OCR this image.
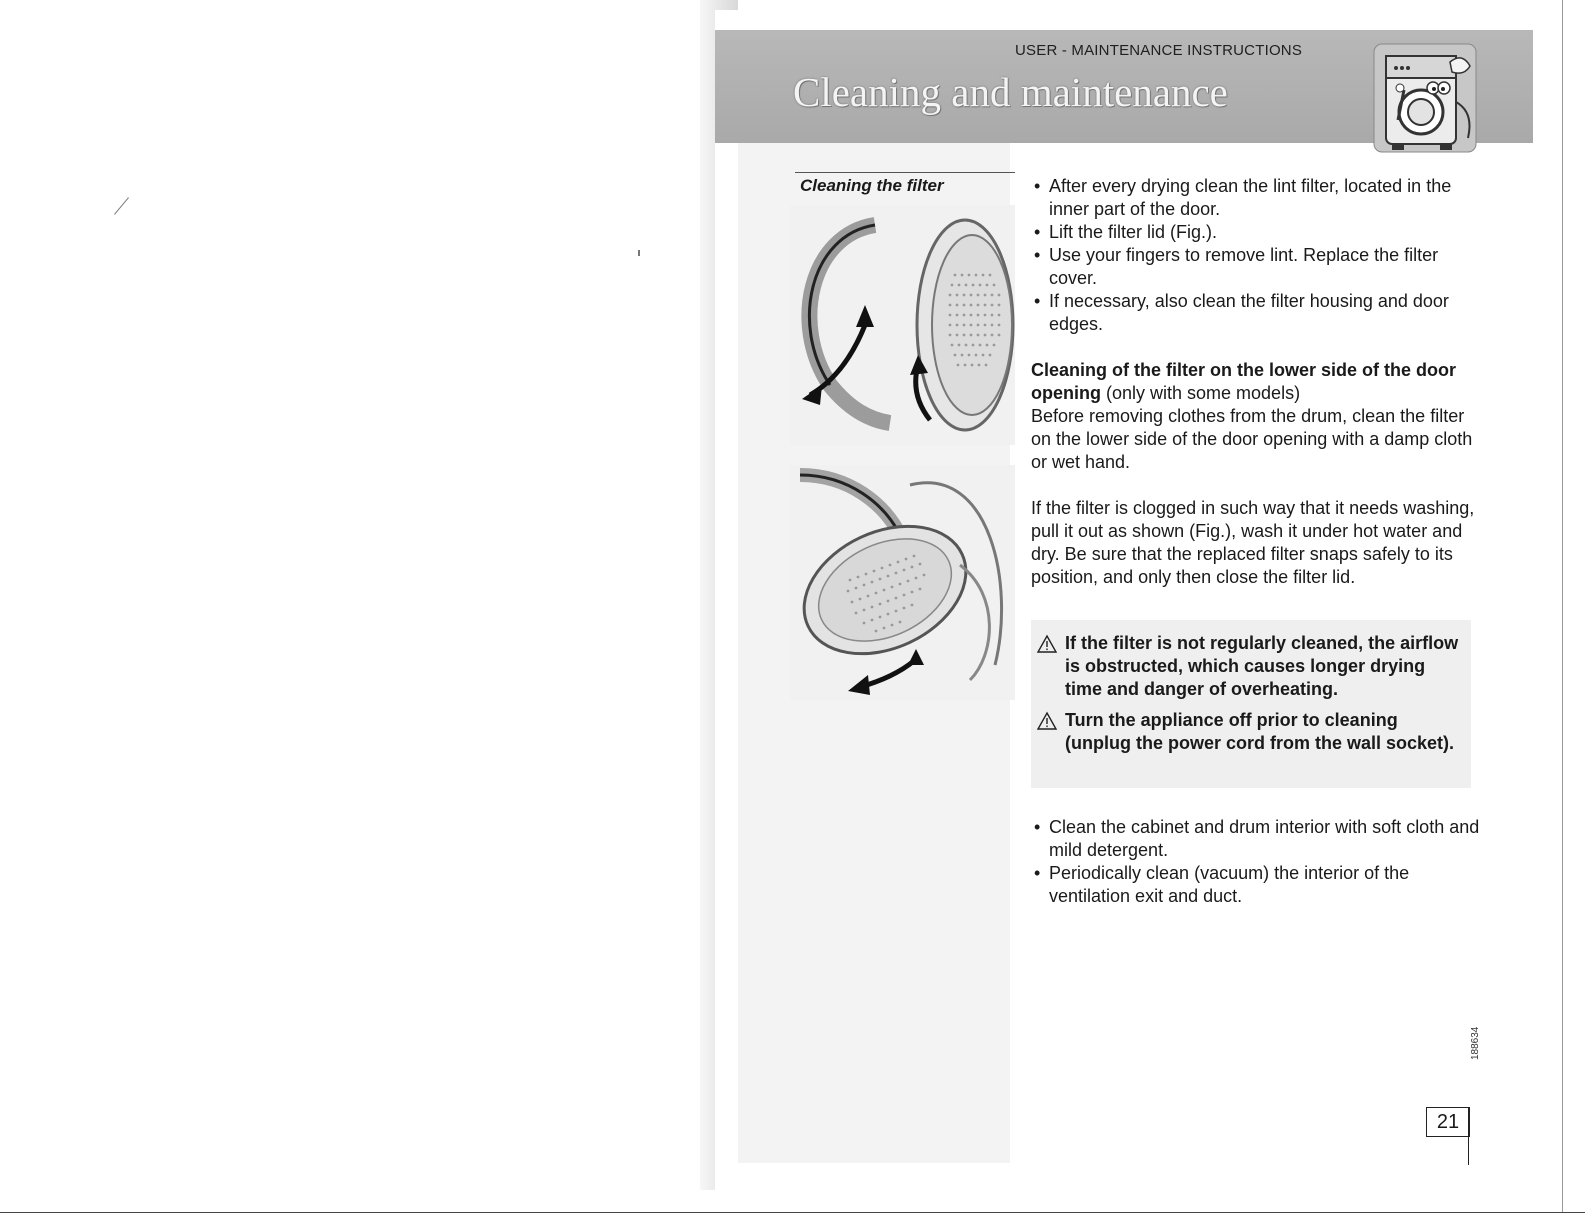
USER - MAINTENANCE INSTRUCTIONS
Cleaning and maintenance
Cleaning the filter
•	After every drying clean the lint filter, located in the inner part of the door.
• Lift the filter lid (Fig.).
• Use your fingers to remove lint. Replace the filter cover.
• If necessary, also clean the filter housing and door edges.

Cleaning of the filter on the lower side of the door opening (only with some models)
Before removing clothes from the drum, clean the filter on the lower side of the door opening with a damp cloth or wet hand.

If the filter is clogged in such way that it needs washing, pull it out as shown (Fig.), wash it under hot water and dry. Be sure that the replaced filter snaps safely to its position, and only then close the filter lid.

If the filter is not regularly cleaned, the airflow is obstructed, which causes longer drying time and danger of overheating.
Turn the appliance off prior to cleaning (unplug the power cord from the wall socket).
• Clean the cabinet and drum interior with soft cloth and mild detergent.
• Periodically clean (vacuum) the interior of the ventilation exit and duct.
188634
21
